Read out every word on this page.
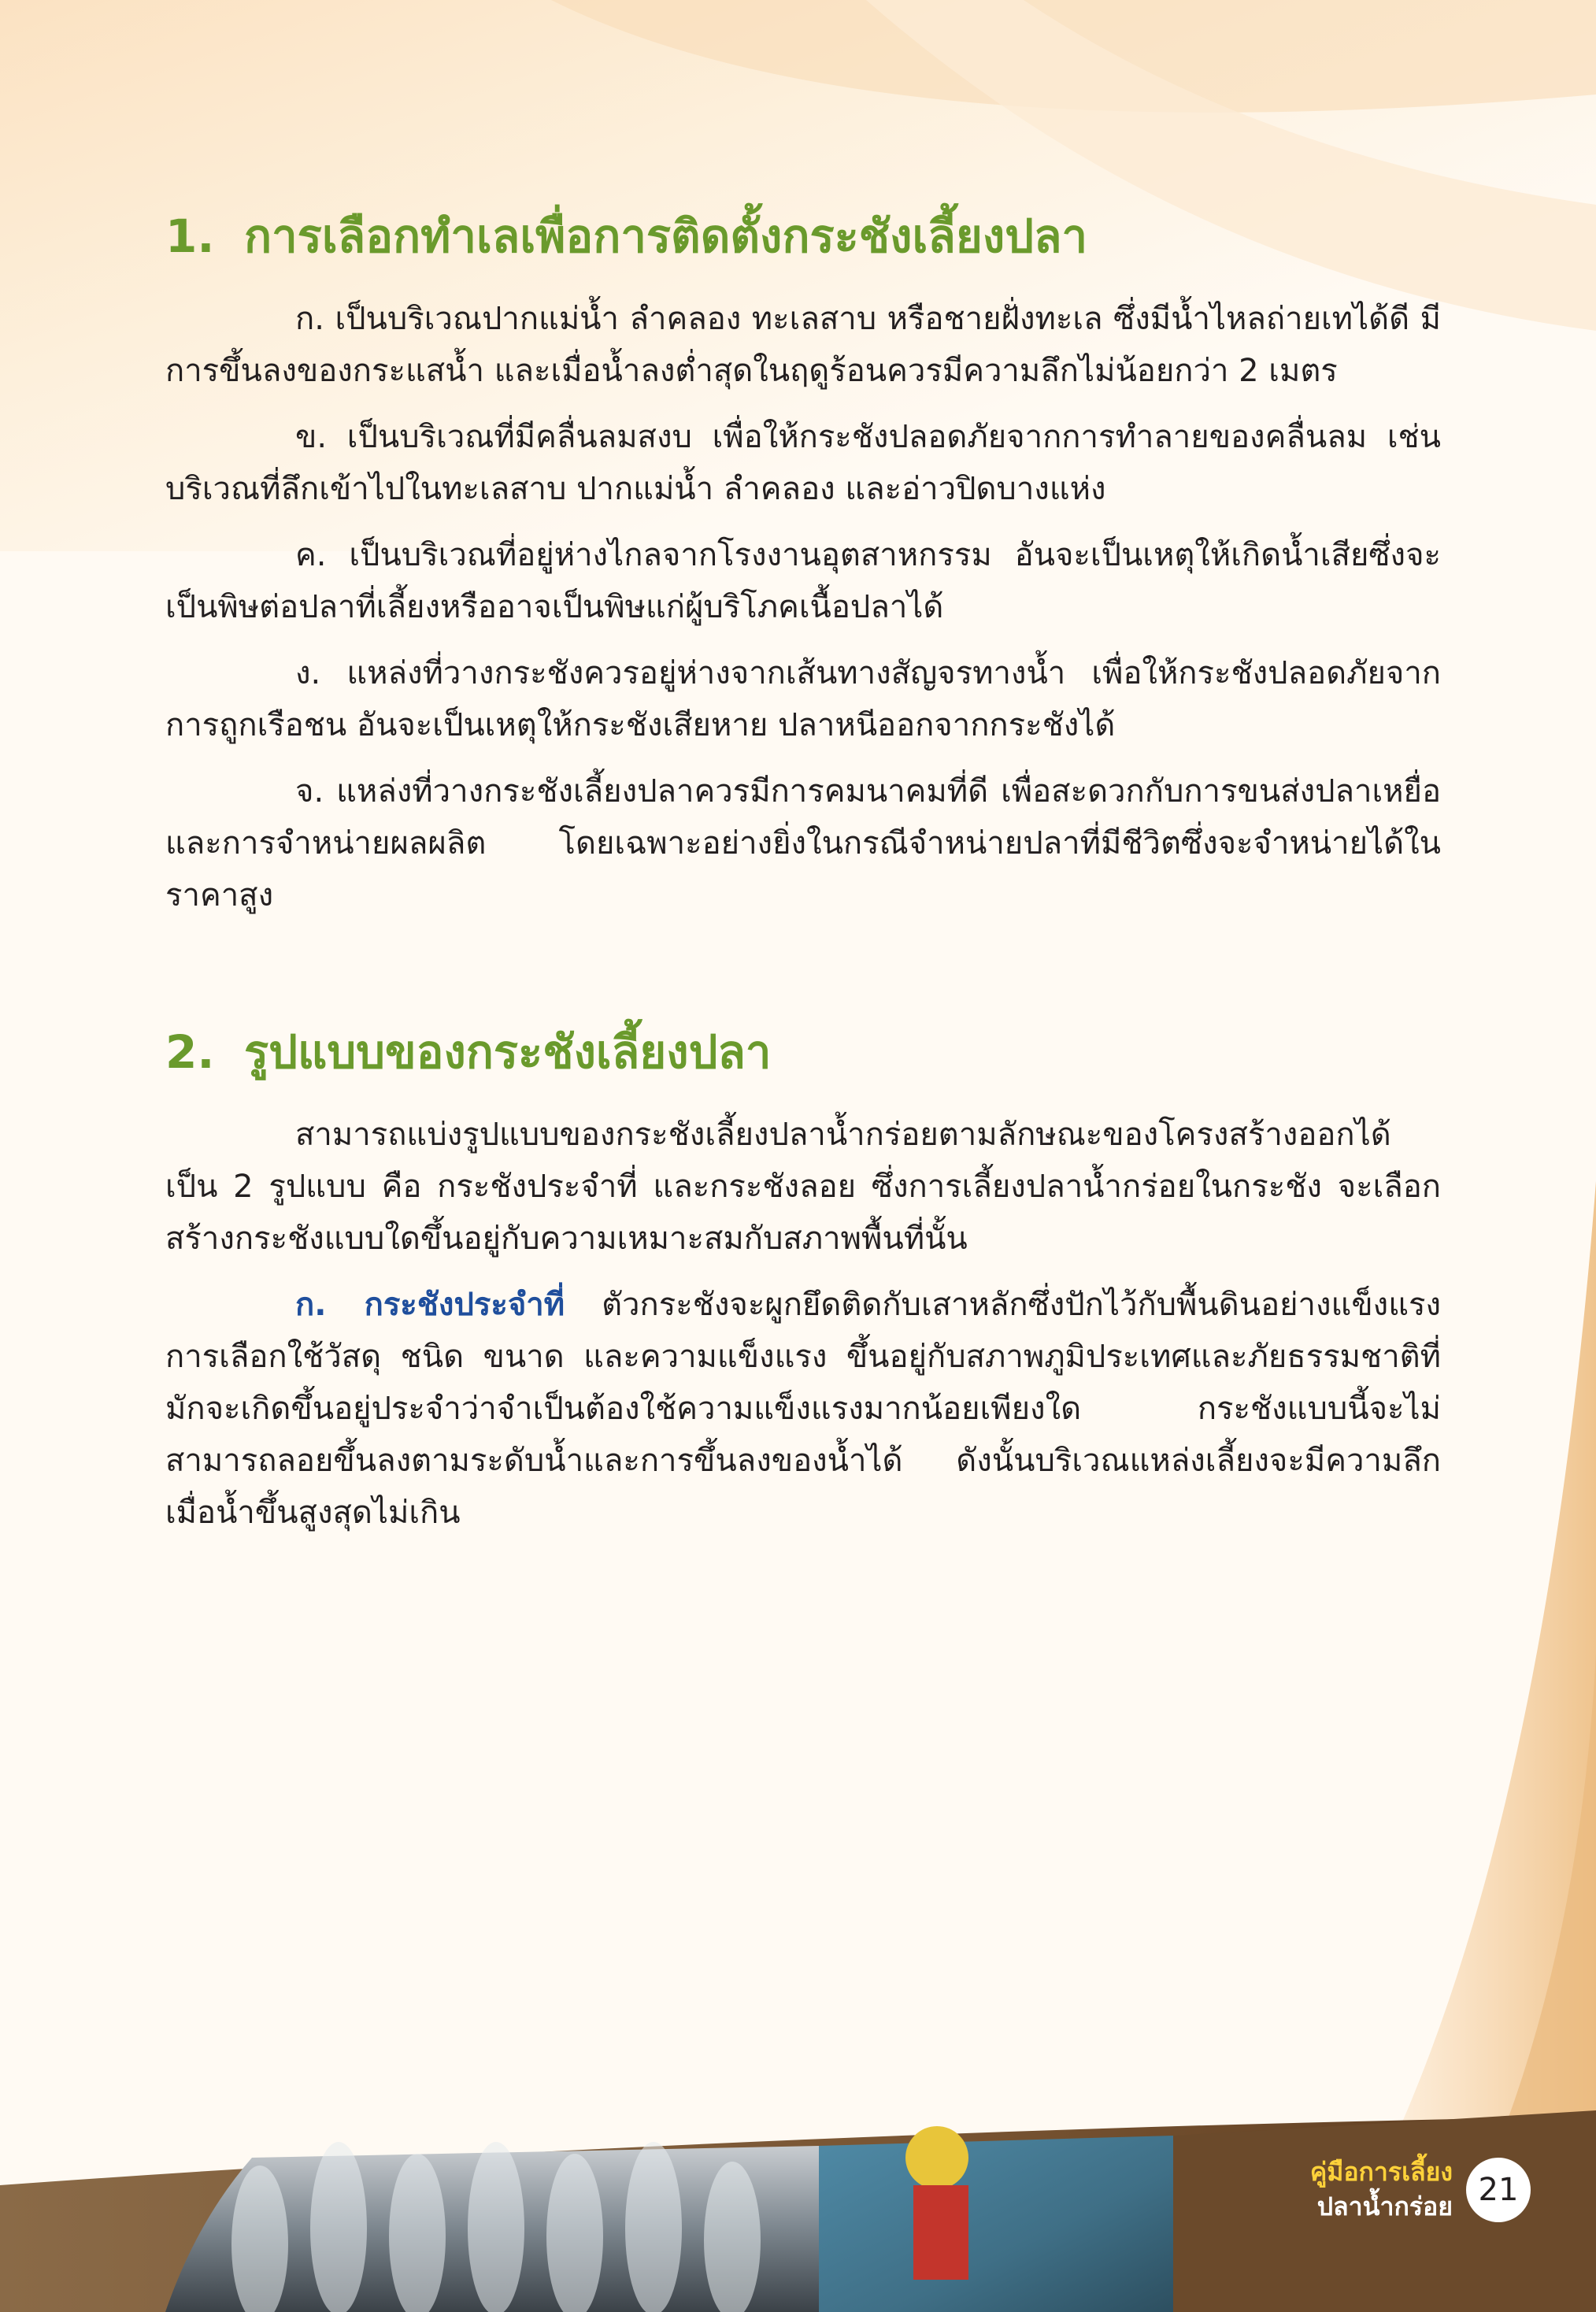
1. การเลือกทำเลเพื่อการติดตั้งกระชังเลี้ยงปลา

ก. เป็นบริเวณปากแม่น้ำ ลำคลอง ทะเลสาบ หรือชายฝั่งทะเล ซึ่งมีน้ำไหลถ่ายเทได้ดี มีการขึ้นลงของกระแสน้ำ และเมื่อน้ำลงต่ำสุดในฤดูร้อนควรมีความลึกไม่น้อยกว่า 2 เมตร

ข. เป็นบริเวณที่มีคลื่นลมสงบ เพื่อให้กระชังปลอดภัยจากการทำลายของคลื่นลม เช่น บริเวณที่ลึกเข้าไปในทะเลสาบ ปากแม่น้ำ ลำคลอง และอ่าวปิดบางแห่ง

ค. เป็นบริเวณที่อยู่ห่างไกลจากโรงงานอุตสาหกรรม อันจะเป็นเหตุให้เกิดน้ำเสียซึ่งจะเป็นพิษต่อปลาที่เลี้ยงหรืออาจเป็นพิษแก่ผู้บริโภคเนื้อปลาได้

ง. แหล่งที่วางกระชังควรอยู่ห่างจากเส้นทางสัญจรทางน้ำ เพื่อให้กระชังปลอดภัยจากการถูกเรือชน อันจะเป็นเหตุให้กระชังเสียหาย ปลาหนีออกจากกระชังได้

จ. แหล่งที่วางกระชังเลี้ยงปลาควรมีการคมนาคมที่ดี เพื่อสะดวกกับการขนส่งปลาเหยื่อและการจำหน่ายผลผลิต โดยเฉพาะอย่างยิ่งในกรณีจำหน่ายปลาที่มีชีวิตซึ่งจะจำหน่ายได้ในราคาสูง

2. รูปแบบของกระชังเลี้ยงปลา

สามารถแบ่งรูปแบบของกระชังเลี้ยงปลาน้ำกร่อยตามลักษณะของโครงสร้างออกได้เป็น 2 รูปแบบ คือ กระชังประจำที่ และกระชังลอย ซึ่งการเลี้ยงปลาน้ำกร่อยในกระชัง จะเลือกสร้างกระชังแบบใดขึ้นอยู่กับความเหมาะสมกับสภาพพื้นที่นั้น

ก. กระชังประจำที่ ตัวกระชังจะผูกยึดติดกับเสาหลักซึ่งปักไว้กับพื้นดินอย่างแข็งแรง การเลือกใช้วัสดุ ชนิด ขนาด และความแข็งแรง ขึ้นอยู่กับสภาพภูมิประเทศและภัยธรรมชาติที่มักจะเกิดขึ้นอยู่ประจำว่าจำเป็นต้องใช้ความแข็งแรงมากน้อยเพียงใด กระชังแบบนี้จะไม่สามารถลอยขึ้นลงตามระดับน้ำและการขึ้นลงของน้ำได้ ดังนั้นบริเวณแหล่งเลี้ยงจะมีความลึกเมื่อน้ำขึ้นสูงสุดไม่เกิน

คู่มือการเลี้ยง
ปลาน้ำกร่อย 21
